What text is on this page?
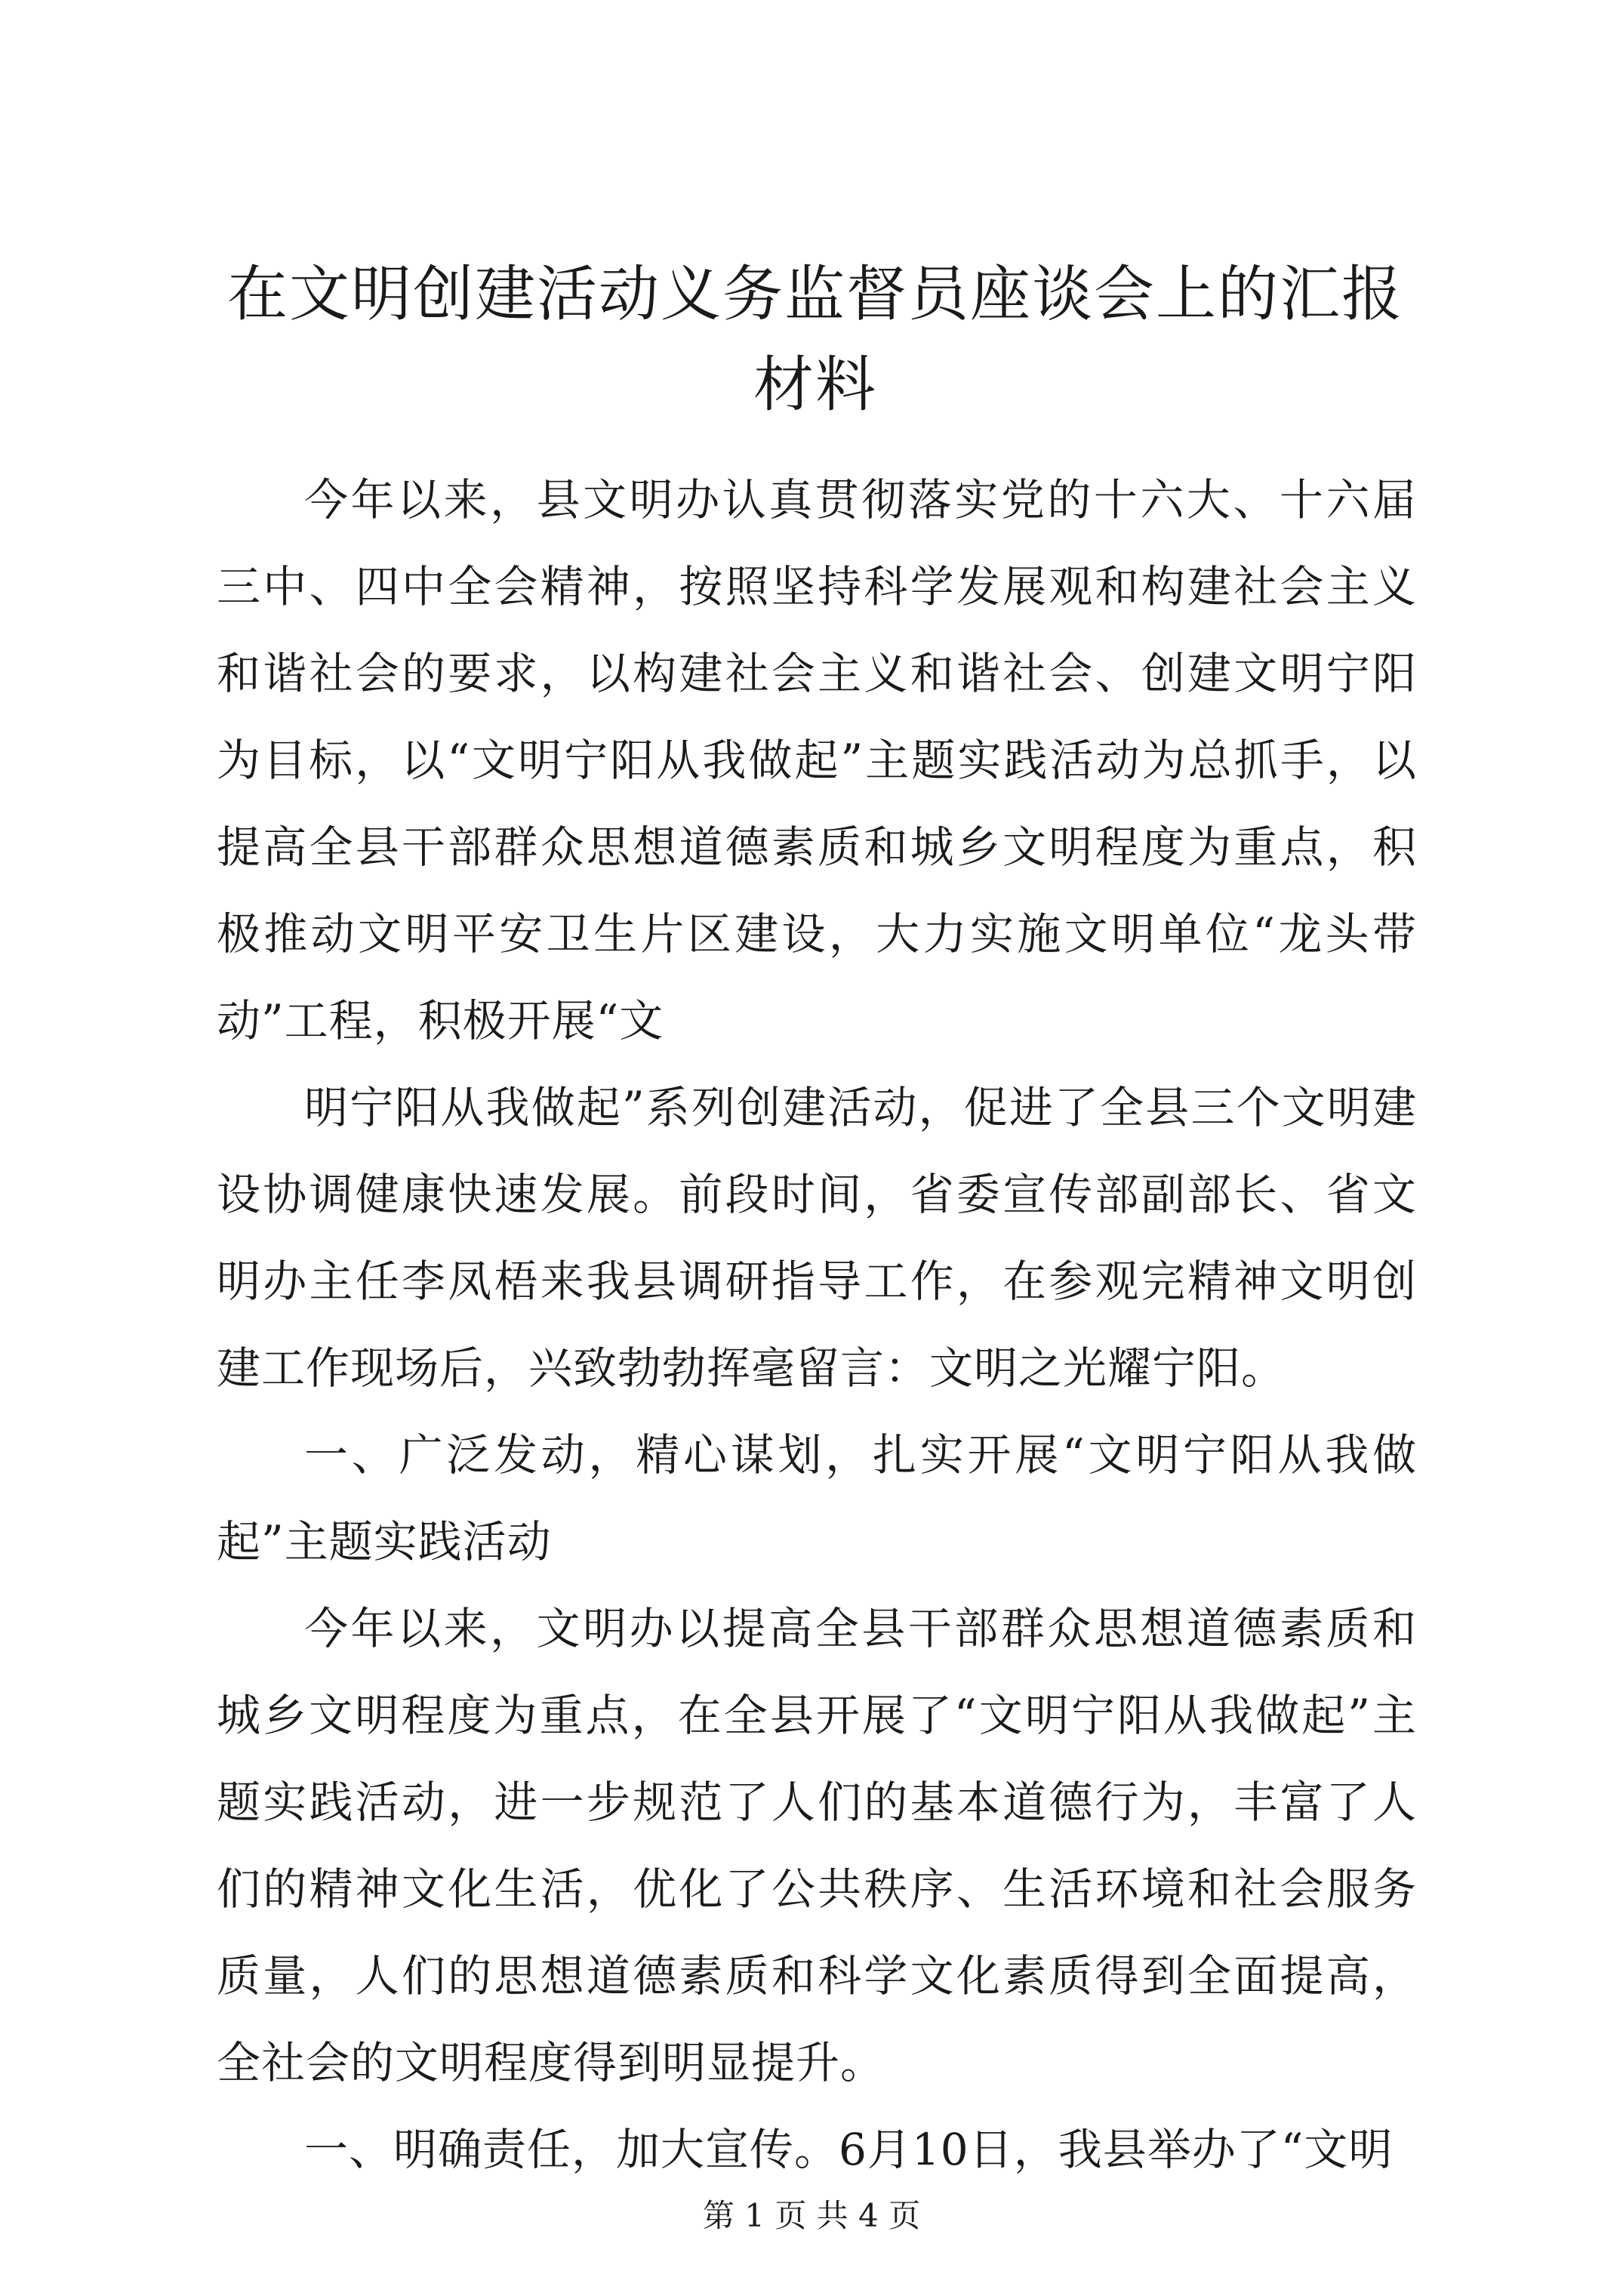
在文明创建活动义务监督员座谈会上的汇报材料

今年以来，县文明办认真贯彻落实党的十六大、十六届三中、四中全会精神，按照坚持科学发展观和构建社会主义和谐社会的要求，以构建社会主义和谐社会、创建文明宁阳为目标，以“文明宁阳从我做起”主题实践活动为总抓手，以提高全县干部群众思想道德素质和城乡文明程度为重点，积极推动文明平安卫生片区建设，大力实施文明单位“龙头带动”工程，积极开展“文

明宁阳从我做起”系列创建活动，促进了全县三个文明建设协调健康快速发展。前段时间，省委宣传部副部长、省文明办主任李凤梧来我县调研指导工作，在参观完精神文明创建工作现场后，兴致勃勃挥毫留言：文明之光耀宁阳。

一、广泛发动，精心谋划，扎实开展“文明宁阳从我做起”主题实践活动

今年以来，文明办以提高全县干部群众思想道德素质和城乡文明程度为重点，在全县开展了“文明宁阳从我做起”主题实践活动，进一步规范了人们的基本道德行为，丰富了人们的精神文化生活，优化了公共秩序、生活环境和社会服务质量，人们的思想道德素质和科学文化素质得到全面提高，全社会的文明程度得到明显提升。

一、明确责任，加大宣传。6月10日，我县举办了“文明

第 1 页 共 4 页
